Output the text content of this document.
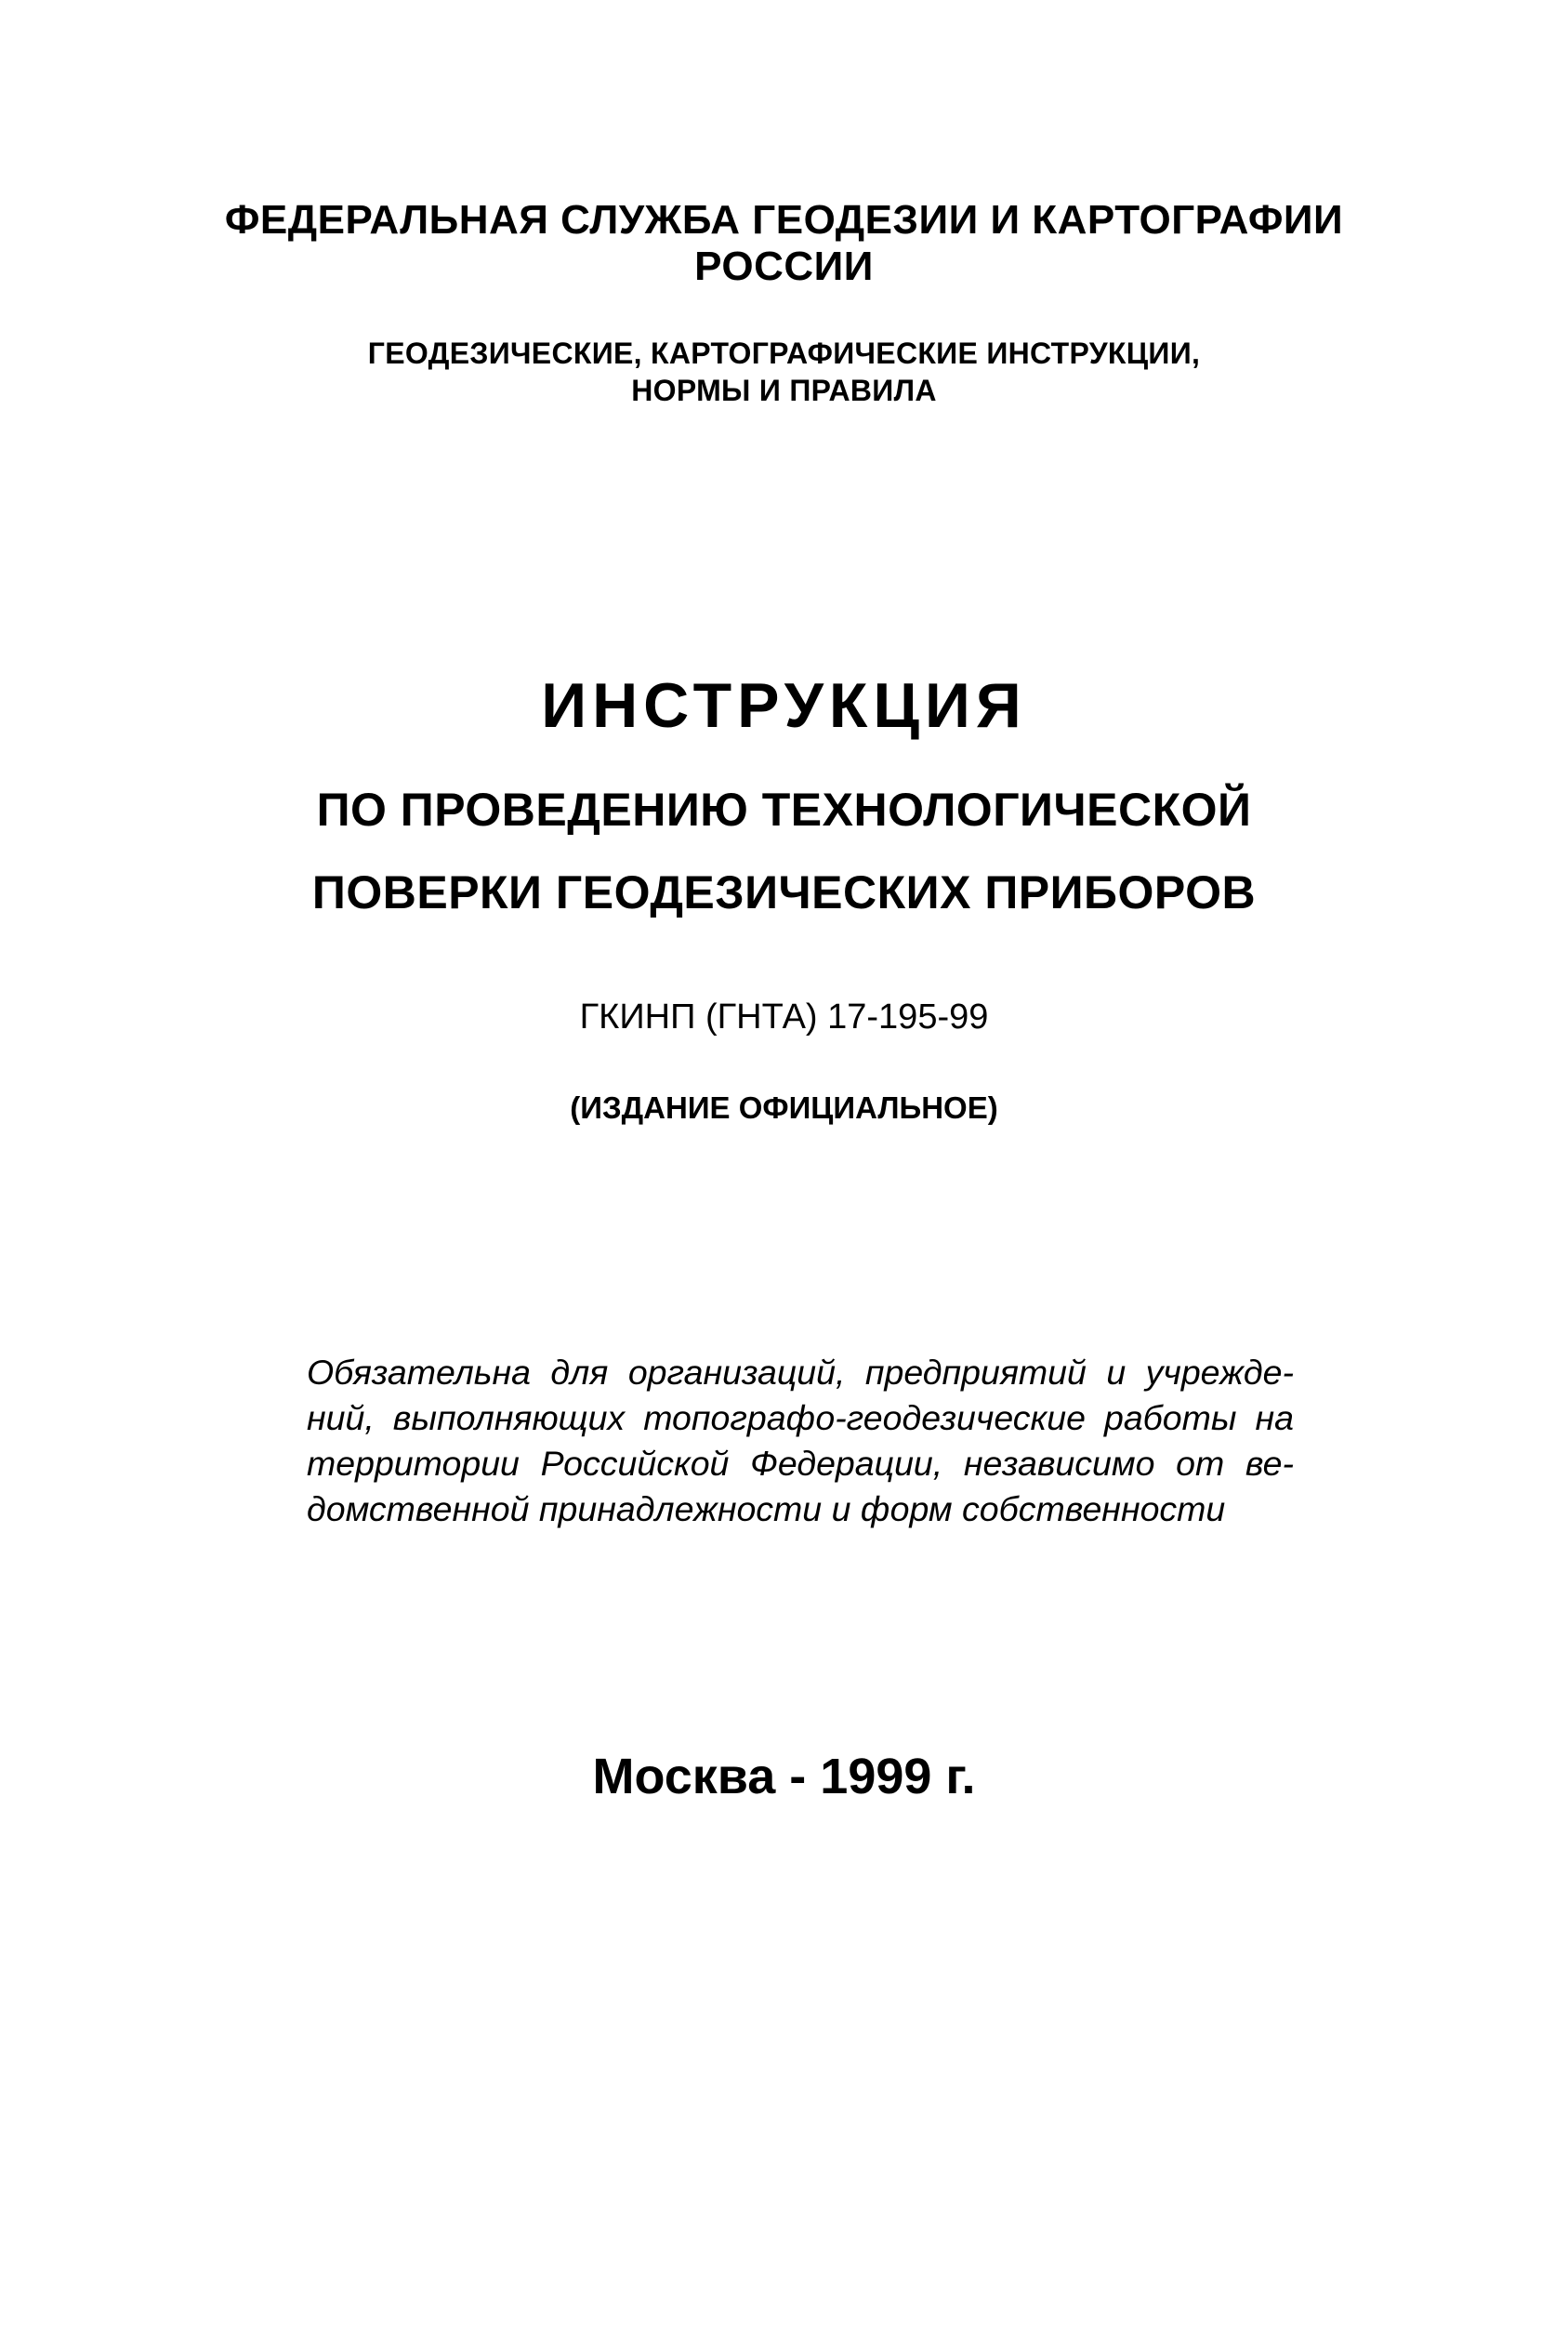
ФЕДЕРАЛЬНАЯ СЛУЖБА ГЕОДЕЗИИ И КАРТОГРАФИИ

РОССИИ

ГЕОДЕЗИЧЕСКИЕ, КАРТОГРАФИЧЕСКИЕ ИНСТРУКЦИИ,

НОРМЫ И ПРАВИЛА

ИНСТРУКЦИЯ

ПО ПРОВЕДЕНИЮ ТЕХНОЛОГИЧЕСКОЙ

ПОВЕРКИ ГЕОДЕЗИЧЕСКИХ ПРИБОРОВ

ГКИНП (ГНТА) 17-195-99

(ИЗДАНИЕ ОФИЦИАЛЬНОЕ)

Обязательна для организаций, предприятий и учрежде-
ний, выполняющих топографо-геодезические работы на
территории Российской Федерации, независимо от ве-
домственной принадлежности и форм собственности

Москва - 1999 г.
